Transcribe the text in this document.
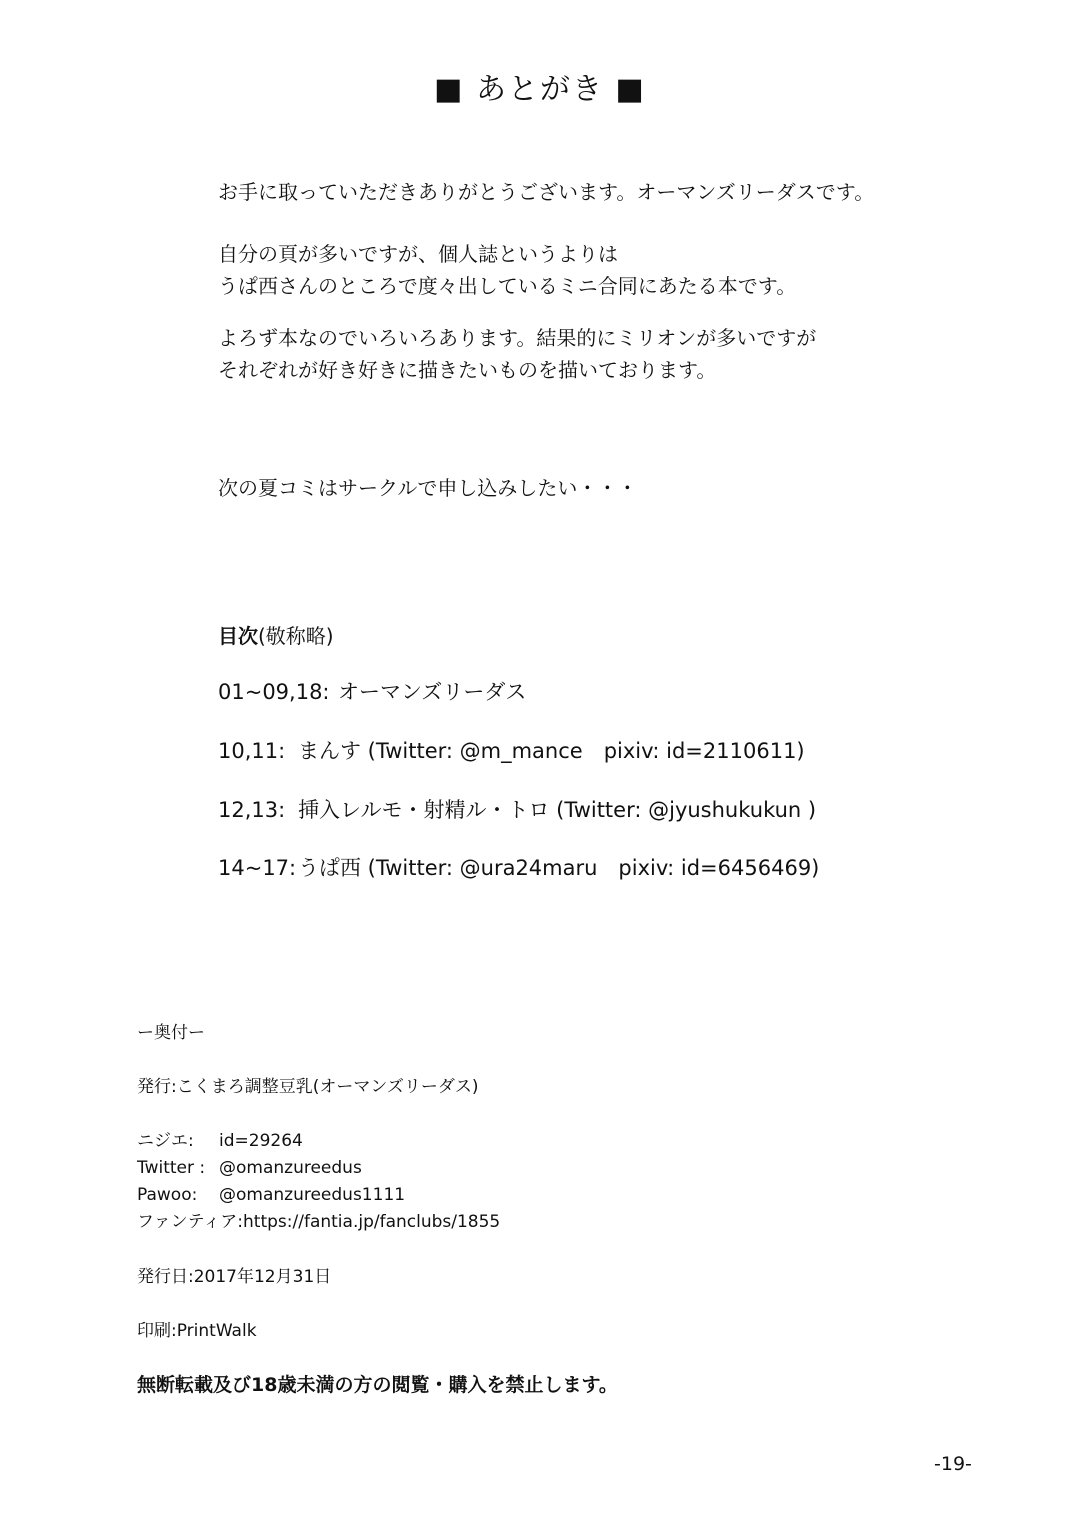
■ あとがき ■
お手に取っていただきありがとうございます。オーマンズリーダスです。
自分の頁が多いですが、個人誌というよりは
うぱ西さんのところで度々出しているミニ合同にあたる本です。
よろず本なのでいろいろあります。結果的にミリオンが多いですが
それぞれが好き好きに描きたいものを描いております。
次の夏コミはサークルで申し込みしたい・・・
目次(敬称略)
01~09,18: オーマンズリーダス
10,11: まんす (Twitter: @m_mance　pixiv: id=2110611)
12,13: 挿入レルモ・射精ル・トロ (Twitter: @jyushukukun )
14~17:うぱ西 (Twitter: @ura24maru　pixiv: id=6456469)
ー奥付ー
発行:こくまろ調整豆乳(オーマンズリーダス)
ニジエ: id=29264
Twitter : @omanzureedus
Pawoo: @omanzureedus1111
ファンティア:https://fantia.jp/fanclubs/1855
発行日:2017年12月31日
印刷:PrintWalk
無断転載及び18歳未満の方の閲覧・購入を禁止します。
-19-
